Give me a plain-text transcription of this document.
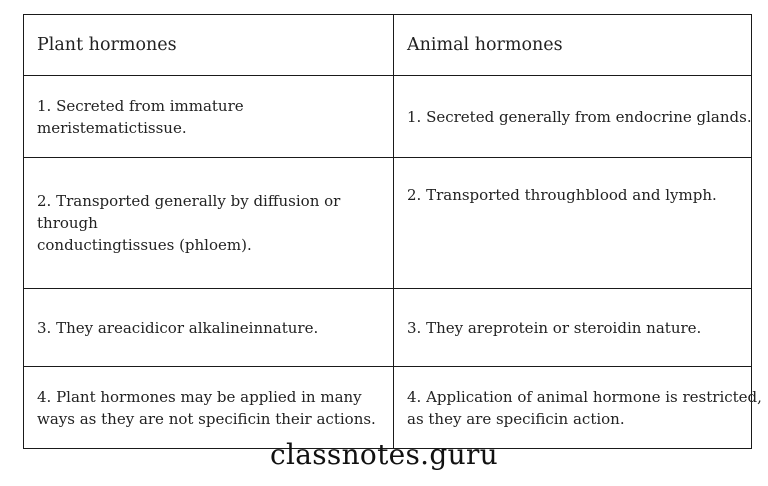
Plant hormones	Animal hormones

1. Secreted from immature
meristematictissue.	1. Secreted generally from endocrine glands.

2. Transported generally by diffusion or
through
conductingtissues (phloem).	2. Transported throughblood and lymph.

3. They areacidicor alkalineinnature.	3. They areprotein or steroidin nature.

4. Plant hormones may be applied in many
ways as they are not specificin their actions.	4. Application of animal hormone is restricted,
as they are specificin action.
classnotes.guru
